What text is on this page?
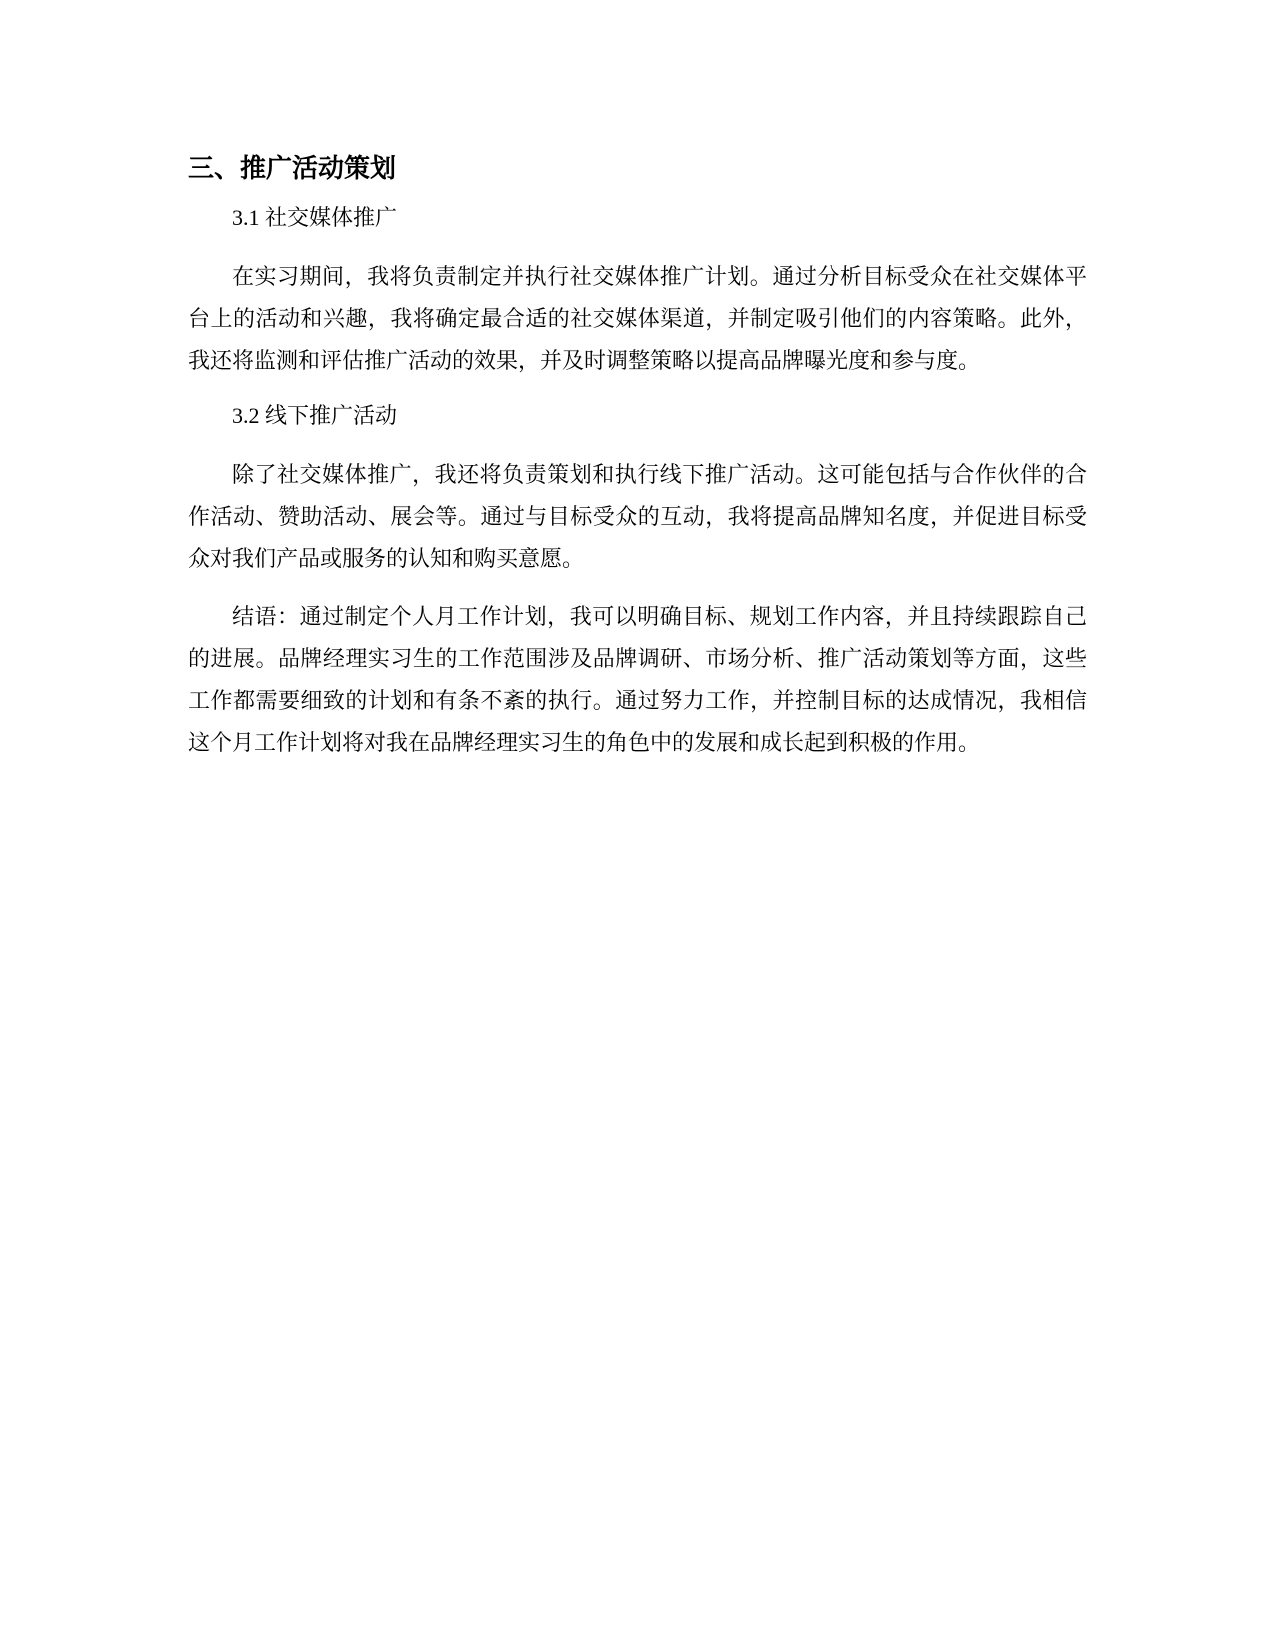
三、推广活动策划

3.1 社交媒体推广

在实习期间，我将负责制定并执行社交媒体推广计划。通过分析目标受众在社交媒体平台上的活动和兴趣，我将确定最合适的社交媒体渠道，并制定吸引他们的内容策略。此外，我还将监测和评估推广活动的效果，并及时调整策略以提高品牌曝光度和参与度。

3.2 线下推广活动

除了社交媒体推广，我还将负责策划和执行线下推广活动。这可能包括与合作伙伴的合作活动、赞助活动、展会等。通过与目标受众的互动，我将提高品牌知名度，并促进目标受众对我们产品或服务的认知和购买意愿。

结语：通过制定个人月工作计划，我可以明确目标、规划工作内容，并且持续跟踪自己的进展。品牌经理实习生的工作范围涉及品牌调研、市场分析、推广活动策划等方面，这些工作都需要细致的计划和有条不紊的执行。通过努力工作，并控制目标的达成情况，我相信这个月工作计划将对我在品牌经理实习生的角色中的发展和成长起到积极的作用。
